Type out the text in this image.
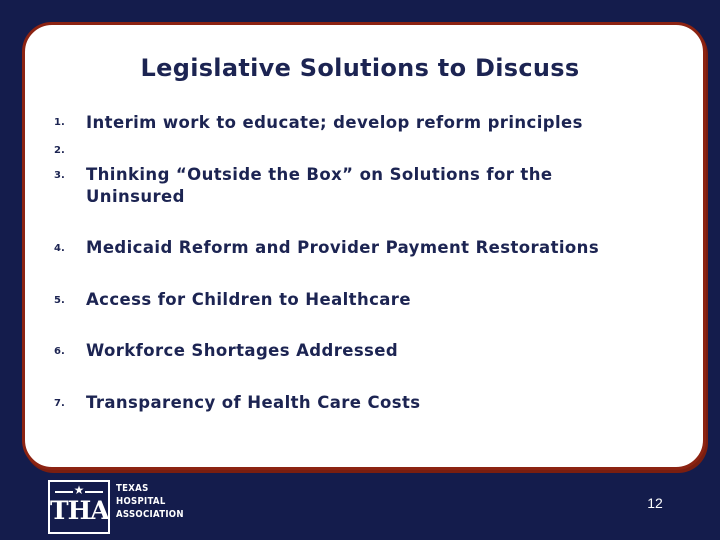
Legislative Solutions to Discuss
1. Interim work to educate; develop reform principles
2.
3. Thinking “Outside the Box” on Solutions for the Uninsured
4. Medicaid Reform and Provider Payment Restorations
5. Access for Children to Healthcare
6. Workforce Shortages Addressed
7. Transparency of Health Care Costs
★
THA
TEXAS
HOSPITAL
ASSOCIATION
12
